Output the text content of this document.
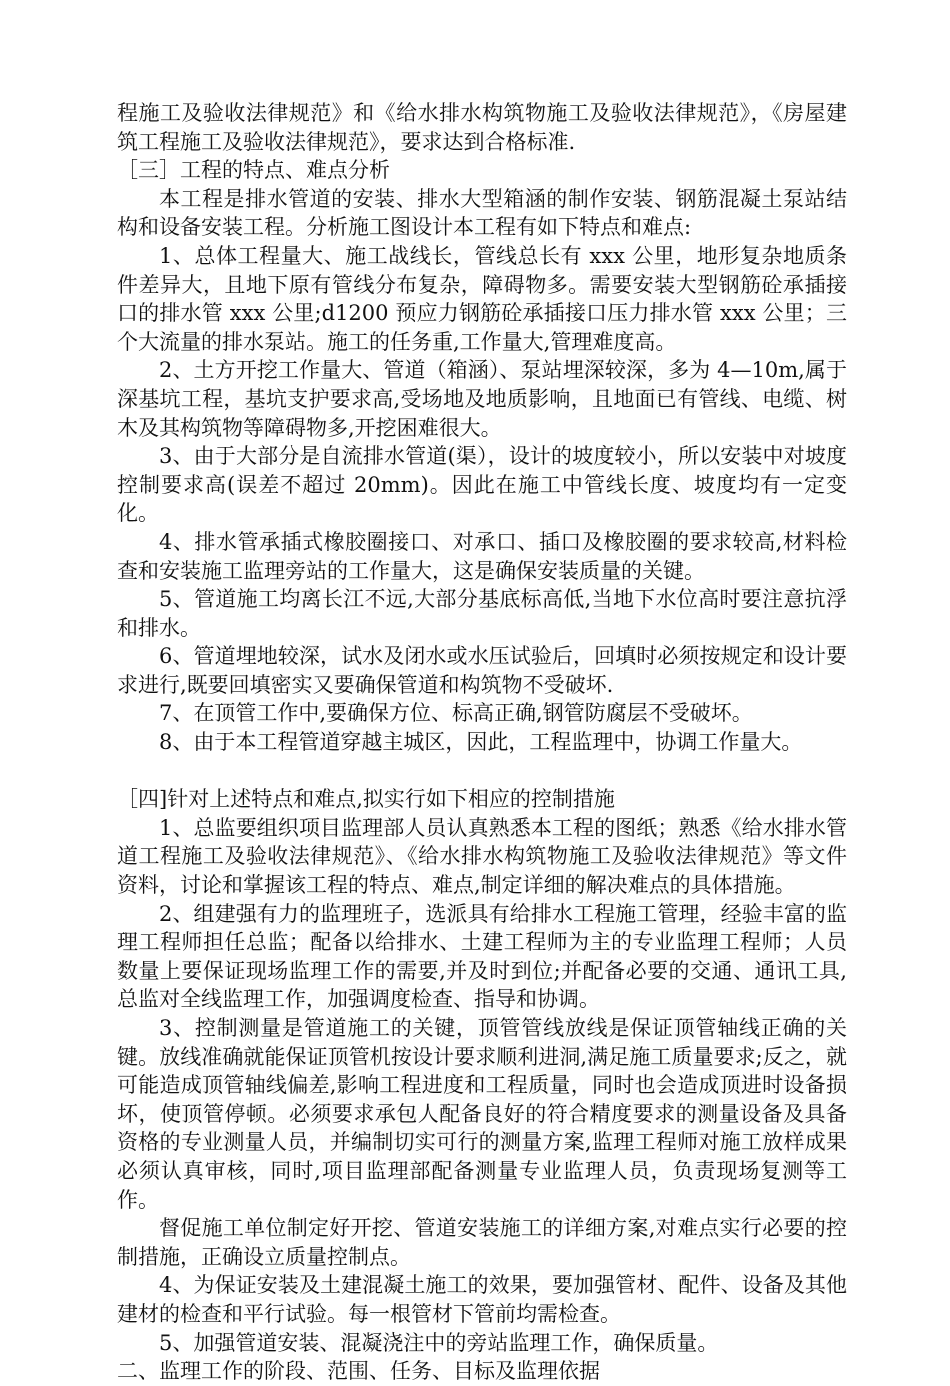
程施工及验收法律规范》和《给水排水构筑物施工及验收法律规范》，《房屋建筑工程施工及验收法律规范》，要求达到合格标准.

［三］工程的特点、难点分析

本工程是排水管道的安装、排水大型箱涵的制作安装、钢筋混凝土泵站结构和设备安装工程。分析施工图设计本工程有如下特点和难点:

1、总体工程量大、施工战线长，管线总长有 xxx 公里，地形复杂地质条件差异大，且地下原有管线分布复杂，障碍物多。需要安装大型钢筋砼承插接口的排水管 xxx 公里;d1200 预应力钢筋砼承插接口压力排水管 xxx 公里；三个大流量的排水泵站。施工的任务重,工作量大,管理难度高。

2、土方开挖工作量大、管道（箱涵）、泵站埋深较深，多为 4—10m,属于深基坑工程，基坑支护要求高,受场地及地质影响，且地面已有管线、电缆、树木及其构筑物等障碍物多,开挖困难很大。

3、由于大部分是自流排水管道(渠），设计的坡度较小，所以安装中对坡度控制要求高(误差不超过 20mm)。因此在施工中管线长度、坡度均有一定变化。

4、排水管承插式橡胶圈接口、对承口、插口及橡胶圈的要求较高,材料检查和安装施工监理旁站的工作量大，这是确保安装质量的关键。

5、管道施工均离长江不远,大部分基底标高低,当地下水位高时要注意抗浮和排水。

6、管道埋地较深，试水及闭水或水压试验后，回填时必须按规定和设计要求进行,既要回填密实又要确保管道和构筑物不受破坏.

7、在顶管工作中,要确保方位、标高正确,钢管防腐层不受破坏。

8、由于本工程管道穿越主城区，因此，工程监理中，协调工作量大。

［四]针对上述特点和难点,拟实行如下相应的控制措施

1、总监要组织项目监理部人员认真熟悉本工程的图纸；熟悉《给水排水管道工程施工及验收法律规范》、《给水排水构筑物施工及验收法律规范》等文件资料，讨论和掌握该工程的特点、难点,制定详细的解决难点的具体措施。

2、组建强有力的监理班子，选派具有给排水工程施工管理，经验丰富的监理工程师担任总监；配备以给排水、土建工程师为主的专业监理工程师；人员数量上要保证现场监理工作的需要,并及时到位;并配备必要的交通、通讯工具,总监对全线监理工作，加强调度检查、指导和协调。

3、控制测量是管道施工的关键，顶管管线放线是保证顶管轴线正确的关键。放线准确就能保证顶管机按设计要求顺利进洞,满足施工质量要求;反之，就可能造成顶管轴线偏差,影响工程进度和工程质量，同时也会造成顶进时设备损坏，使顶管停顿。必须要求承包人配备良好的符合精度要求的测量设备及具备资格的专业测量人员，并编制切实可行的测量方案,监理工程师对施工放样成果必须认真审核，同时,项目监理部配备测量专业监理人员，负责现场复测等工作。

督促施工单位制定好开挖、管道安装施工的详细方案,对难点实行必要的控制措施，正确设立质量控制点。

4、为保证安装及土建混凝土施工的效果，要加强管材、配件、设备及其他建材的检查和平行试验。每一根管材下管前均需检查。

5、加强管道安装、混凝浇注中的旁站监理工作，确保质量。

二、监理工作的阶段、范围、任务、目标及监理依据
